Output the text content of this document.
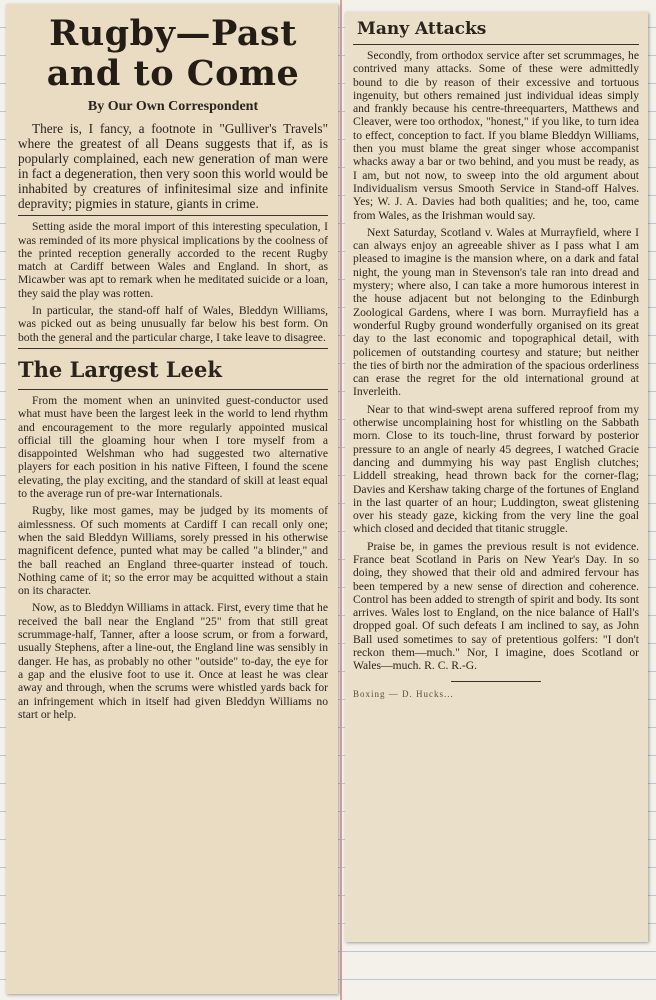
Rugby—Past
and to Come
By Our Own Correspondent

There is, I fancy, a footnote in "Gulliver's Travels" where the greatest of all Deans suggests that if, as is popularly complained, each new generation of man were in fact a degeneration, then very soon this world would be inhabited by creatures of infinitesimal size and infinite depravity; pigmies in stature, giants in crime.

Setting aside the moral import of this interesting speculation, I was reminded of its more physical implications by the coolness of the printed reception generally accorded to the recent Rugby match at Cardiff between Wales and England. In short, as Micawber was apt to remark when he meditated suicide or a loan, they said the play was rotten.

In particular, the stand-off half of Wales, Bleddyn Williams, was picked out as being unusually far below his best form. On both the general and the particular charge, I take leave to disagree.

The Largest Leek

From the moment when an uninvited guest-conductor used what must have been the largest leek in the world to lend rhythm and encouragement to the more regularly appointed musical official till the gloaming hour when I tore myself from a disappointed Welshman who had suggested two alternative players for each position in his native Fifteen, I found the scene elevating, the play exciting, and the standard of skill at least equal to the average run of pre-war Internationals.

Rugby, like most games, may be judged by its moments of aimlessness. Of such moments at Cardiff I can recall only one; when the said Bleddyn Williams, sorely pressed in his otherwise magnificent defence, punted what may be called "a blinder," and the ball reached an England three-quarter instead of touch. Nothing came of it; so the error may be acquitted without a stain on its character.

Now, as to Bleddyn Williams in attack. First, every time that he received the ball near the England "25" from that still great scrummage-half, Tanner, after a loose scrum, or from a forward, usually Stephens, after a line-out, the England line was sensibly in danger. He has, as probably no other "outside" to-day, the eye for a gap and the elusive foot to use it. Once at least he was clear away and through, when the scrums were whistled yards back for an infringement which in itself had given Bleddyn Williams no start or help.

Many Attacks

Secondly, from orthodox service after set scrummages, he contrived many attacks. Some of these were admittedly bound to die by reason of their excessive and tortuous ingenuity, but others remained just individual ideas simply and frankly because his centre-threequarters, Matthews and Cleaver, were too orthodox, "honest," if you like, to turn idea to effect, conception to fact. If you blame Bleddyn Williams, then you must blame the great singer whose accompanist whacks away a bar or two behind, and you must be ready, as I am, but not now, to sweep into the old argument about Individualism versus Smooth Service in Stand-off Halves. Yes; W. J. A. Davies had both qualities; and he, too, came from Wales, as the Irishman would say.

Next Saturday, Scotland v. Wales at Murrayfield, where I can always enjoy an agreeable shiver as I pass what I am pleased to imagine is the mansion where, on a dark and fatal night, the young man in Stevenson's tale ran into dread and mystery; where also, I can take a more humorous interest in the house adjacent but not belonging to the Edinburgh Zoological Gardens, where I was born. Murrayfield has a wonderful Rugby ground wonderfully organised on its great day to the last economic and topographical detail, with policemen of outstanding courtesy and stature; but neither the ties of birth nor the admiration of the spacious orderliness can erase the regret for the old international ground at Inverleith.

Near to that wind-swept arena suffered reproof from my otherwise uncomplaining host for whistling on the Sabbath morn. Close to its touch-line, thrust forward by posterior pressure to an angle of nearly 45 degrees, I watched Gracie dancing and dummying his way past English clutches; Liddell streaking, head thrown back for the corner-flag; Davies and Kershaw taking charge of the fortunes of England in the last quarter of an hour; Luddington, sweat glistening over his steady gaze, kicking from the very line the goal which closed and decided that titanic struggle.

Praise be, in games the previous result is not evidence. France beat Scotland in Paris on New Year's Day. In so doing, they showed that their old and admired fervour has been tempered by a new sense of direction and coherence. Control has been added to strength of spirit and body. Its sont arrives. Wales lost to England, on the nice balance of Hall's dropped goal. Of such defeats I am inclined to say, as John Ball used sometimes to say of pretentious golfers: "I don't reckon them—much." Nor, I imagine, does Scotland or Wales—much. R. C. R.-G.

Boxing — D. Hucks...
